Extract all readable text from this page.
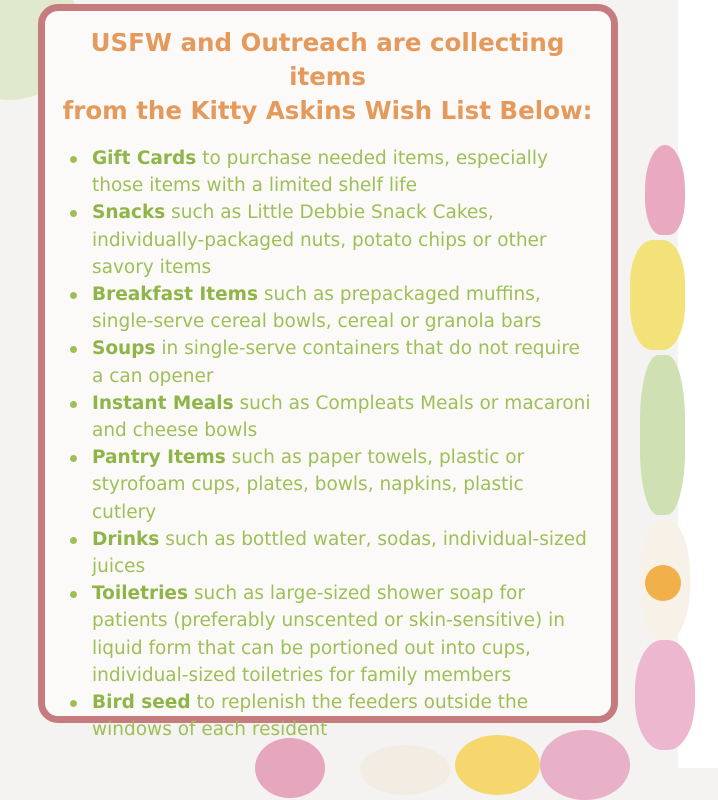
USFW and Outreach are collecting items
from the Kitty Askins Wish List Below:
Gift Cards to purchase needed items, especially those items with a limited shelf life
Snacks such as Little Debbie Snack Cakes, individually-packaged nuts, potato chips or other savory items
Breakfast Items such as prepackaged muffins, single-serve cereal bowls, cereal or granola bars
Soups in single-serve containers that do not require a can opener
Instant Meals such as Compleats Meals or macaroni and cheese bowls
Pantry Items such as paper towels, plastic or styrofoam cups, plates, bowls, napkins, plastic cutlery
Drinks such as bottled water, sodas, individual-sized juices
Toiletries such as large-sized shower soap for patients (preferably unscented or skin-sensitive) in liquid form that can be portioned out into cups, individual-sized toiletries for family members
Bird seed to replenish the feeders outside the windows of each resident
